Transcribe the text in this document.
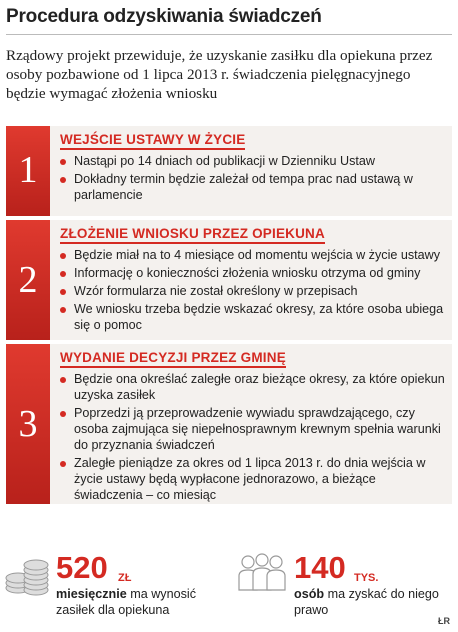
Procedura odzyskiwania świadczeń
Rządowy projekt przewiduje, że uzyskanie zasiłku dla opiekuna przez osoby pozbawione od 1 lipca 2013 r. świadczenia pielęgnacyjnego będzie wymagać złożenia wniosku
1
WEJŚCIE USTAWY W ŻYCIE
Nastąpi po 14 dniach od publikacji w Dzienniku Ustaw
Dokładny termin będzie zależał od tempa prac nad ustawą w parlamencie
2
ZŁOŻENIE WNIOSKU PRZEZ OPIEKUNA
Będzie miał na to 4 miesiące od momentu wejścia w życie ustawy
Informację o konieczności złożenia wniosku otrzyma od gminy
Wzór formularza nie został określony w przepisach
We wniosku trzeba będzie wskazać okresy, za które osoba ubiega się o pomoc
3
WYDANIE DECYZJI PRZEZ GMINĘ
Będzie ona określać zaległe oraz bieżące okresy, za które opiekun uzyska zasiłek
Poprzedzi ją przeprowadzenie wywiadu sprawdzającego, czy osoba zajmująca się niepełnosprawnym krewnym spełnia warunki do przyznania świadczeń
Zaległe pieniądze za okres od 1 lipca 2013 r. do dnia wejścia w życie ustawy będą wypłacone jednorazowo, a bieżące świadczenia – co miesiąc
520 ZŁ
miesięcznie ma wynosić zasiłek dla opiekuna
140 TYS.
osób ma zyskać do niego prawo
ŁR
